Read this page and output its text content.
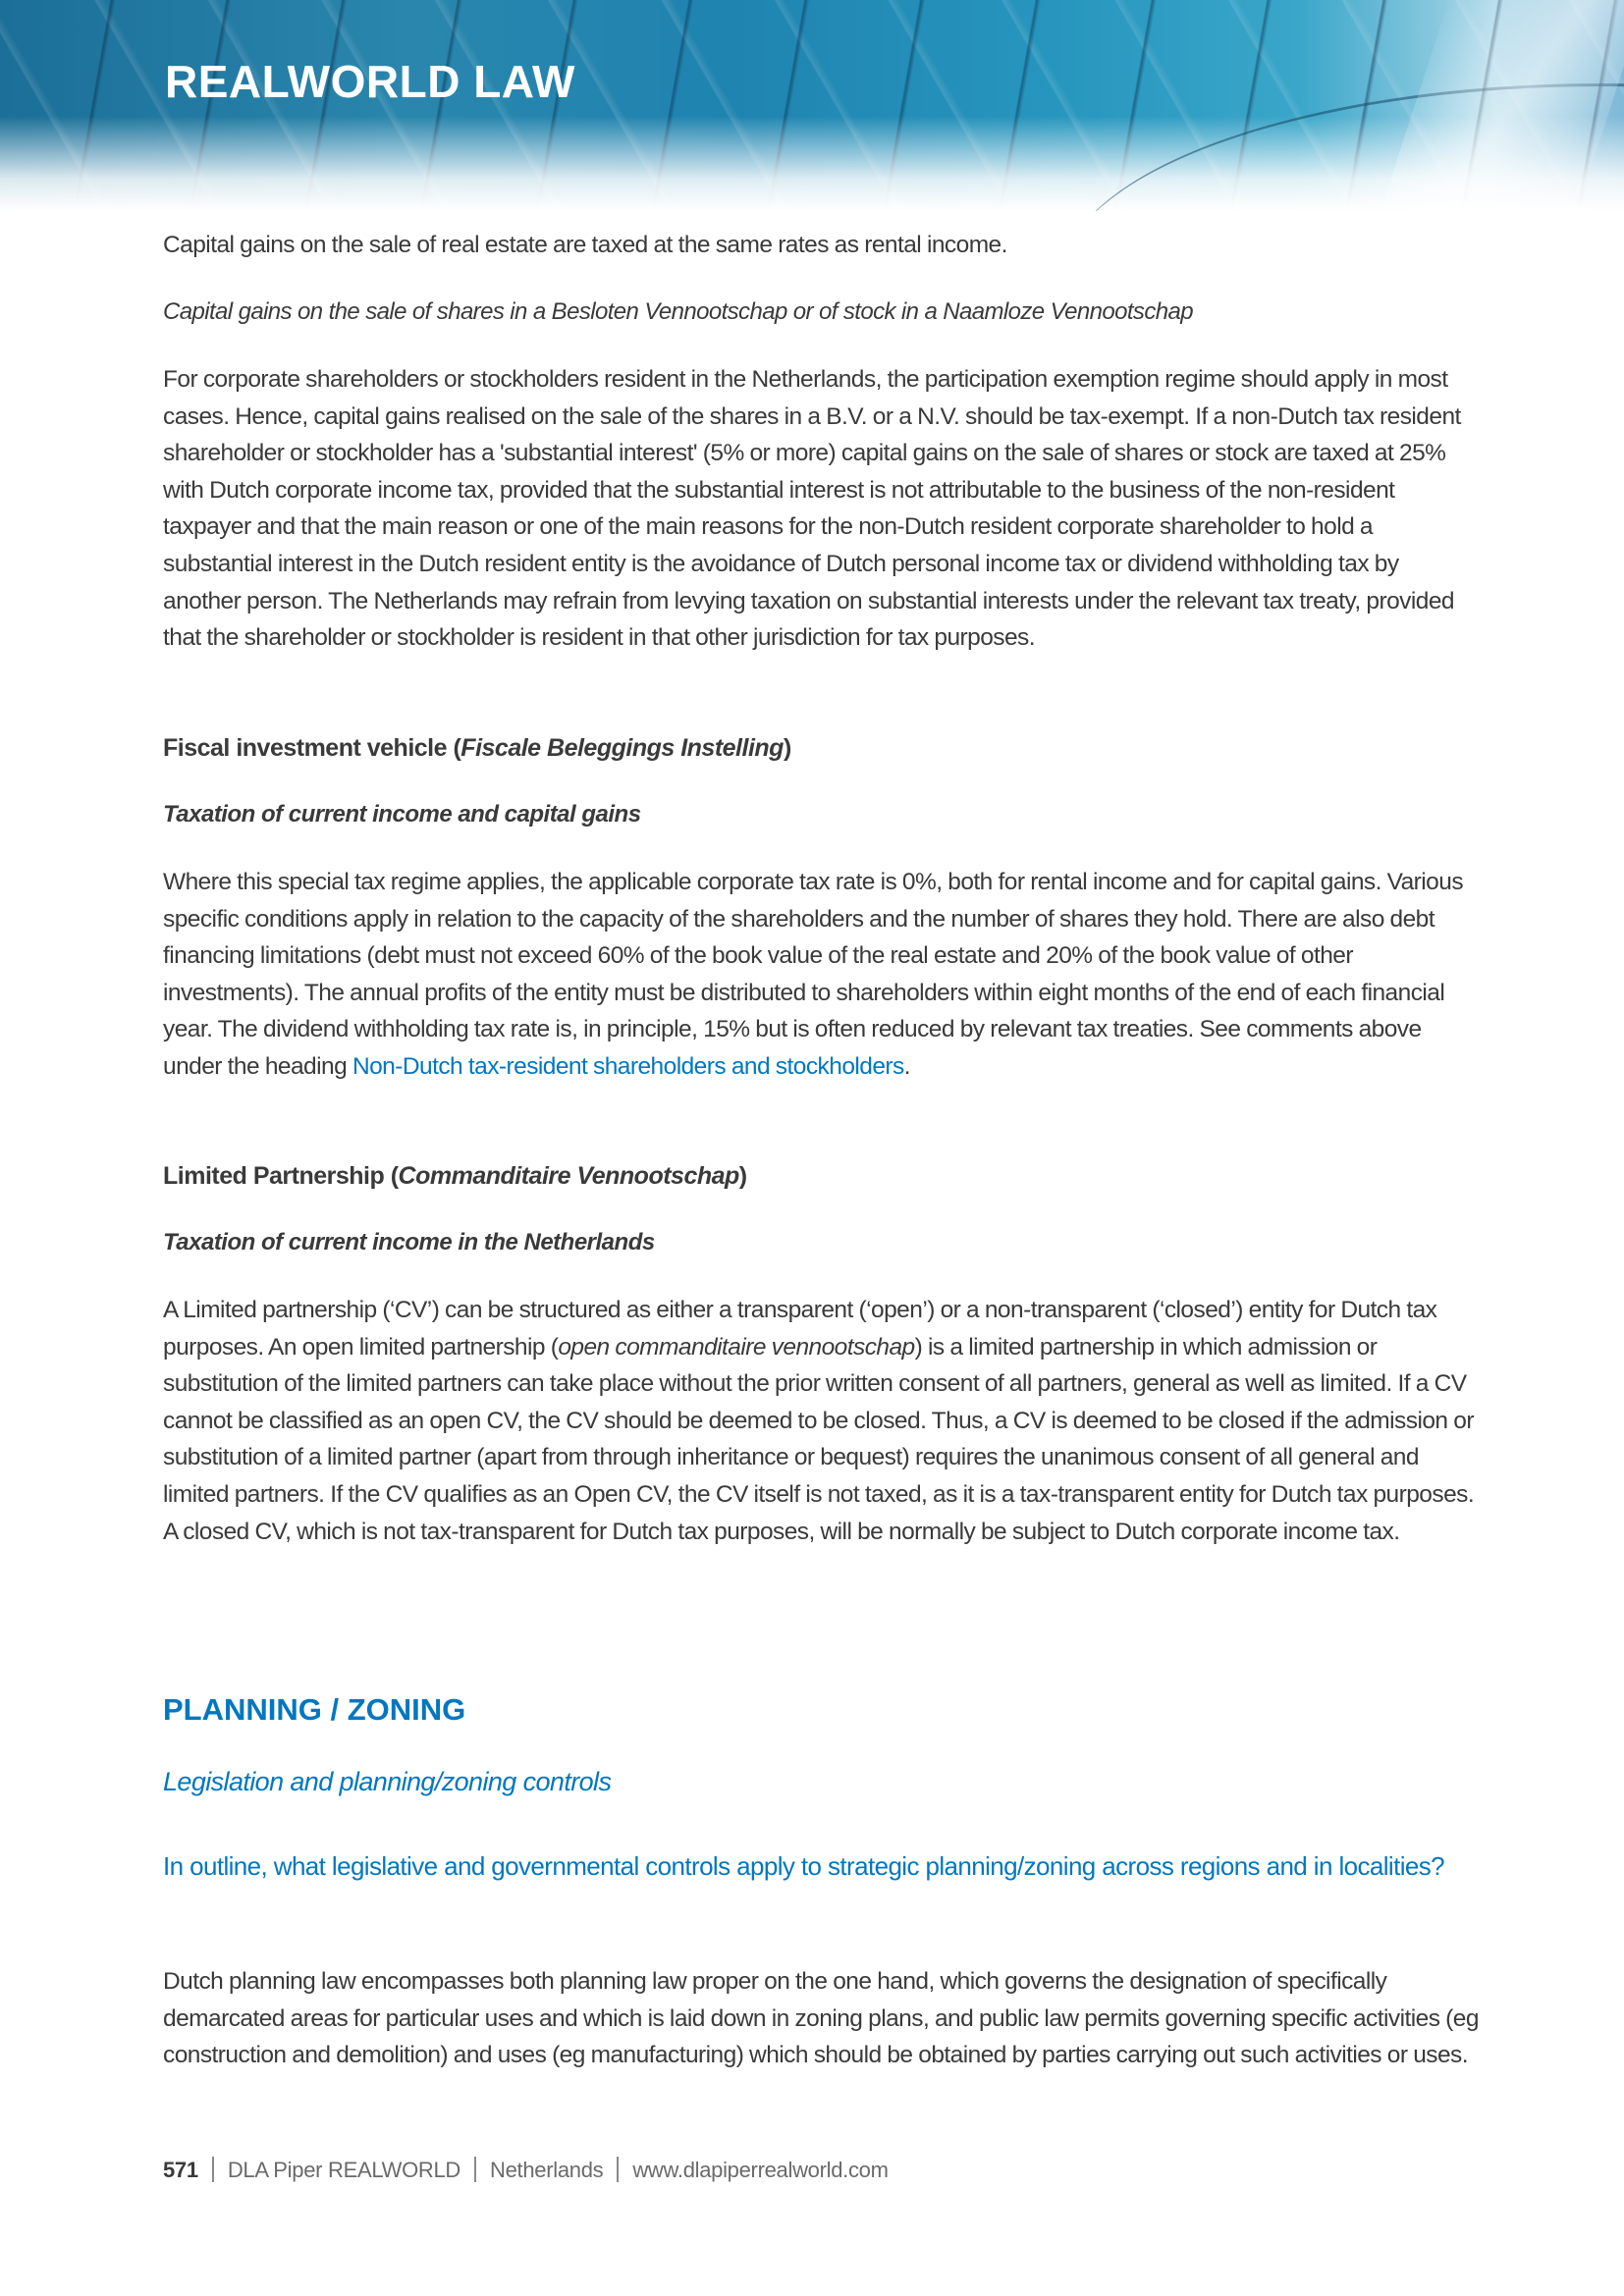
REALWORLD LAW
Capital gains on the sale of real estate are taxed at the same rates as rental income.
Capital gains on the sale of shares in a Besloten Vennootschap or of stock in a Naamloze Vennootschap
For corporate shareholders or stockholders resident in the Netherlands, the participation exemption regime should apply in most cases. Hence, capital gains realised on the sale of the shares in a B.V. or a N.V. should be tax-exempt. If a non-Dutch tax resident shareholder or stockholder has a 'substantial interest' (5% or more) capital gains on the sale of shares or stock are taxed at 25% with Dutch corporate income tax, provided that the substantial interest is not attributable to the business of the non-resident taxpayer and that the main reason or one of the main reasons for the non-Dutch resident corporate shareholder to hold a substantial interest in the Dutch resident entity is the avoidance of Dutch personal income tax or dividend withholding tax by another person. The Netherlands may refrain from levying taxation on substantial interests under the relevant tax treaty, provided that the shareholder or stockholder is resident in that other jurisdiction for tax purposes.
Fiscal investment vehicle (Fiscale Beleggings Instelling)
Taxation of current income and capital gains
Where this special tax regime applies, the applicable corporate tax rate is 0%, both for rental income and for capital gains. Various specific conditions apply in relation to the capacity of the shareholders and the number of shares they hold. There are also debt financing limitations (debt must not exceed 60% of the book value of the real estate and 20% of the book value of other investments). The annual profits of the entity must be distributed to shareholders within eight months of the end of each financial year. The dividend withholding tax rate is, in principle, 15% but is often reduced by relevant tax treaties. See comments above under the heading Non-Dutch tax-resident shareholders and stockholders.
Limited Partnership (Commanditaire Vennootschap)
Taxation of current income in the Netherlands
A Limited partnership (‘CV’) can be structured as either a transparent (‘open’) or a non-transparent (‘closed’) entity for Dutch tax purposes. An open limited partnership (open commanditaire vennootschap) is a limited partnership in which admission or substitution of the limited partners can take place without the prior written consent of all partners, general as well as limited. If a CV cannot be classified as an open CV, the CV should be deemed to be closed. Thus, a CV is deemed to be closed if the admission or substitution of a limited partner (apart from through inheritance or bequest) requires the unanimous consent of all general and limited partners. If the CV qualifies as an Open CV, the CV itself is not taxed, as it is a tax-transparent entity for Dutch tax purposes. A closed CV, which is not tax-transparent for Dutch tax purposes, will be normally be subject to Dutch corporate income tax.
PLANNING / ZONING
Legislation and planning/zoning controls
In outline, what legislative and governmental controls apply to strategic planning/zoning across regions and in localities?
Dutch planning law encompasses both planning law proper on the one hand, which governs the designation of specifically demarcated areas for particular uses and which is laid down in zoning plans, and public law permits governing specific activities (eg construction and demolition) and uses (eg manufacturing) which should be obtained by parties carrying out such activities or uses.
571 DLA Piper REALWORLD Netherlands www.dlapiperrealworld.com
